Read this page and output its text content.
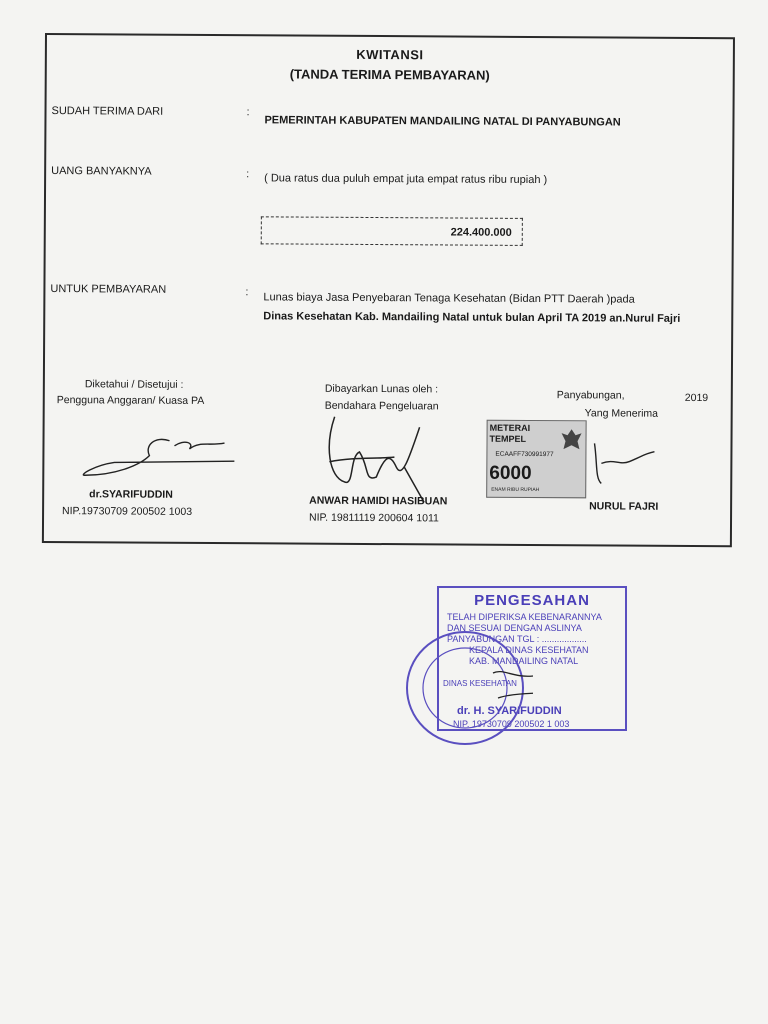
KWITANSI
(TANDA TERIMA PEMBAYARAN)
SUDAH TERIMA DARI	:
PEMERINTAH KABUPATEN MANDAILING NATAL DI PANYABUNGAN
UANG BANYAKNYA	: ( Dua ratus dua puluh empat juta empat ratus ribu rupiah )
224.400.000
UNTUK PEMBAYARAN	: Lunas biaya Jasa Penyebaran Tenaga Kesehatan (Bidan PTT Daerah )pada
Dinas Kesehatan Kab. Mandailing Natal untuk bulan April TA 2019 an.Nurul Fajri
Diketahui / Disetujui :
Pengguna Anggaran/ Kuasa PA
dr.SYARIFUDDIN
NIP.19730709 200502 1003
Dibayarkan Lunas oleh :
Bendahara Pengeluaran
ANWAR HAMIDI HASIBUAN
NIP. 19811119 200604 1011
Panyabungan,	2019
Yang Menerima
METERAI
TEMPEL
ECAAFF730991977
6000
ENAM RIBU RUPIAH
NURUL FAJRI
PENGESAHAN
TELAH DIPERIKSA KEBENARANNYA
DAN SESUAI DENGAN ASLINYA
PANYABUNGAN TGL : ..................
KEPALA DINAS KESEHATAN
KAB. MANDAILING NATAL
dr. H. SYARIFUDDIN
NIP. 19730709 200502 1 003
DINAS KESEHATAN
